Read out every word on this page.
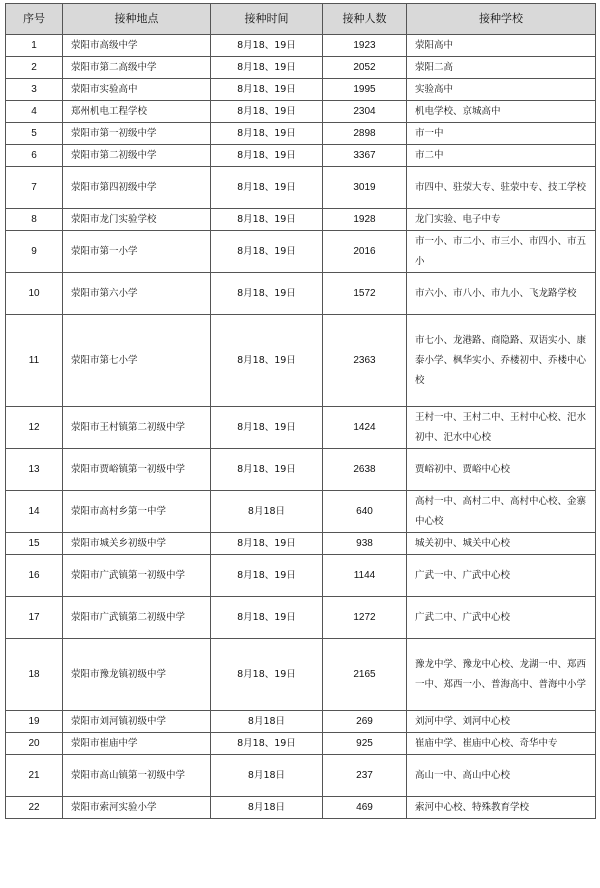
序号	接种地点	接种时间	接种人数	接种学校
1	荥阳市高级中学	8月18、19日	1923	荥阳高中
2	荥阳市第二高级中学	8月18、19日	2052	荥阳二高
3	荥阳市实验高中	8月18、19日	1995	实验高中
4	郑州机电工程学校	8月18、19日	2304	机电学校、京城高中
5	荥阳市第一初级中学	8月18、19日	2898	市一中
6	荥阳市第二初级中学	8月18、19日	3367	市二中
7	荥阳市第四初级中学	8月18、19日	3019	市四中、驻荥大专、驻荥中专、技工学校
8	荥阳市龙门实验学校	8月18、19日	1928	龙门实验、电子中专
9	荥阳市第一小学	8月18、19日	2016	市一小、市二小、市三小、市四小、市五小
10	荥阳市第六小学	8月18、19日	1572	市六小、市八小、市九小、飞龙路学校
11	荥阳市第七小学	8月18、19日	2363	市七小、龙港路、商隐路、双语实小、康泰小学、枫华实小、乔楼初中、乔楼中心校
12	荥阳市王村镇第二初级中学	8月18、19日	1424	王村一中、王村二中、王村中心校、汜水初中、汜水中心校
13	荥阳市贾峪镇第一初级中学	8月18、19日	2638	贾峪初中、贾峪中心校
14	荥阳市高村乡第一中学	8月18日	640	高村一中、高村二中、高村中心校、金寨中心校
15	荥阳市城关乡初级中学	8月18、19日	938	城关初中、城关中心校
16	荥阳市广武镇第一初级中学	8月18、19日	1144	广武一中、广武中心校
17	荥阳市广武镇第二初级中学	8月18、19日	1272	广武二中、广武中心校
18	荥阳市豫龙镇初级中学	8月18、19日	2165	豫龙中学、豫龙中心校、龙湖一中、郑西一中、郑西一小、普海高中、普海中小学
19	荥阳市刘河镇初级中学	8月18日	269	刘河中学、刘河中心校
20	荥阳市崔庙中学	8月18、19日	925	崔庙中学、崔庙中心校、奇华中专
21	荥阳市高山镇第一初级中学	8月18日	237	高山一中、高山中心校
22	荥阳市索河实验小学	8月18日	469	索河中心校、特殊教育学校
